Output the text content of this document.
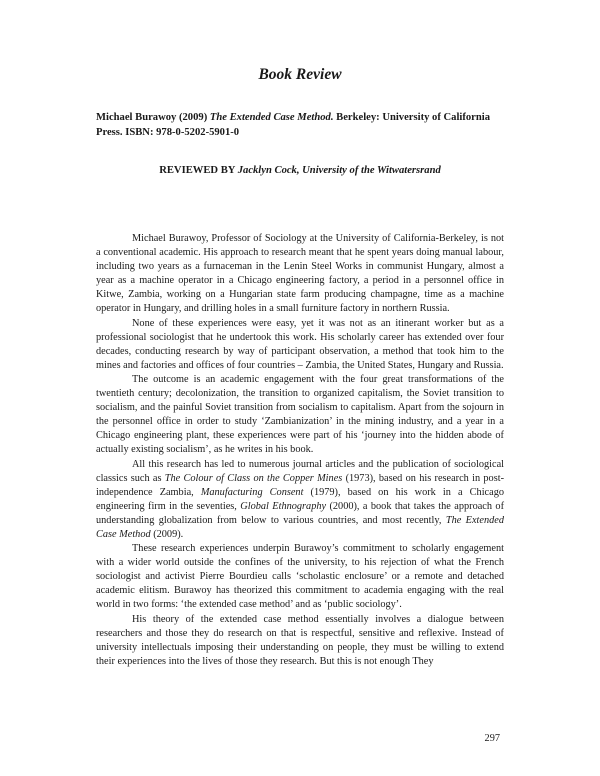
Book Review
Michael Burawoy (2009) The Extended Case Method. Berkeley: University of California Press. ISBN: 978-0-5202-5901-0
REVIEWED BY Jacklyn Cock, University of the Witwatersrand

Michael Burawoy, Professor of Sociology at the University of California-Berkeley, is not a conventional academic. His approach to research meant that he spent years doing manual labour, including two years as a furnaceman in the Lenin Steel Works in communist Hungary, almost a year as a machine operator in a Chicago engineering factory, a period in a personnel office in Kitwe, Zambia, working on a Hungarian state farm producing champagne, time as a machine operator in Hungary, and drilling holes in a small furniture factory in northern Russia.

None of these experiences were easy, yet it was not as an itinerant worker but as a professional sociologist that he undertook this work. His scholarly career has extended over four decades, conducting research by way of participant observation, a method that took him to the mines and factories and offices of four countries – Zambia, the United States, Hungary and Russia.

The outcome is an academic engagement with the four great transformations of the twentieth century; decolonization, the transition to organized capitalism, the Soviet transition to socialism, and the painful Soviet transition from socialism to capitalism. Apart from the sojourn in the personnel office in order to study ‘Zambianization’ in the mining industry, and a year in a Chicago engineering plant, these experiences were part of his ‘journey into the hidden abode of actually existing socialism’, as he writes in his book.

All this research has led to numerous journal articles and the publication of sociological classics such as The Colour of Class on the Copper Mines (1973), based on his research in post-independence Zambia, Manufacturing Consent (1979), based on his work in a Chicago engineering firm in the seventies, Global Ethnography (2000), a book that takes the approach of understanding globalization from below to various countries, and most recently, The Extended Case Method (2009).

These research experiences underpin Burawoy’s commitment to scholarly engagement with a wider world outside the confines of the university, to his rejection of what the French sociologist and activist Pierre Bourdieu calls ‘scholastic enclosure’ or a remote and detached academic elitism. Burawoy has theorized this commitment to academia engaging with the real world in two forms: ‘the extended case method’ and as ‘public sociology’.

His theory of the extended case method essentially involves a dialogue between researchers and those they do research on that is respectful, sensitive and reflexive. Instead of university intellectuals imposing their understanding on people, they must be willing to extend their experiences into the lives of those they research. But this is not enough They

297
